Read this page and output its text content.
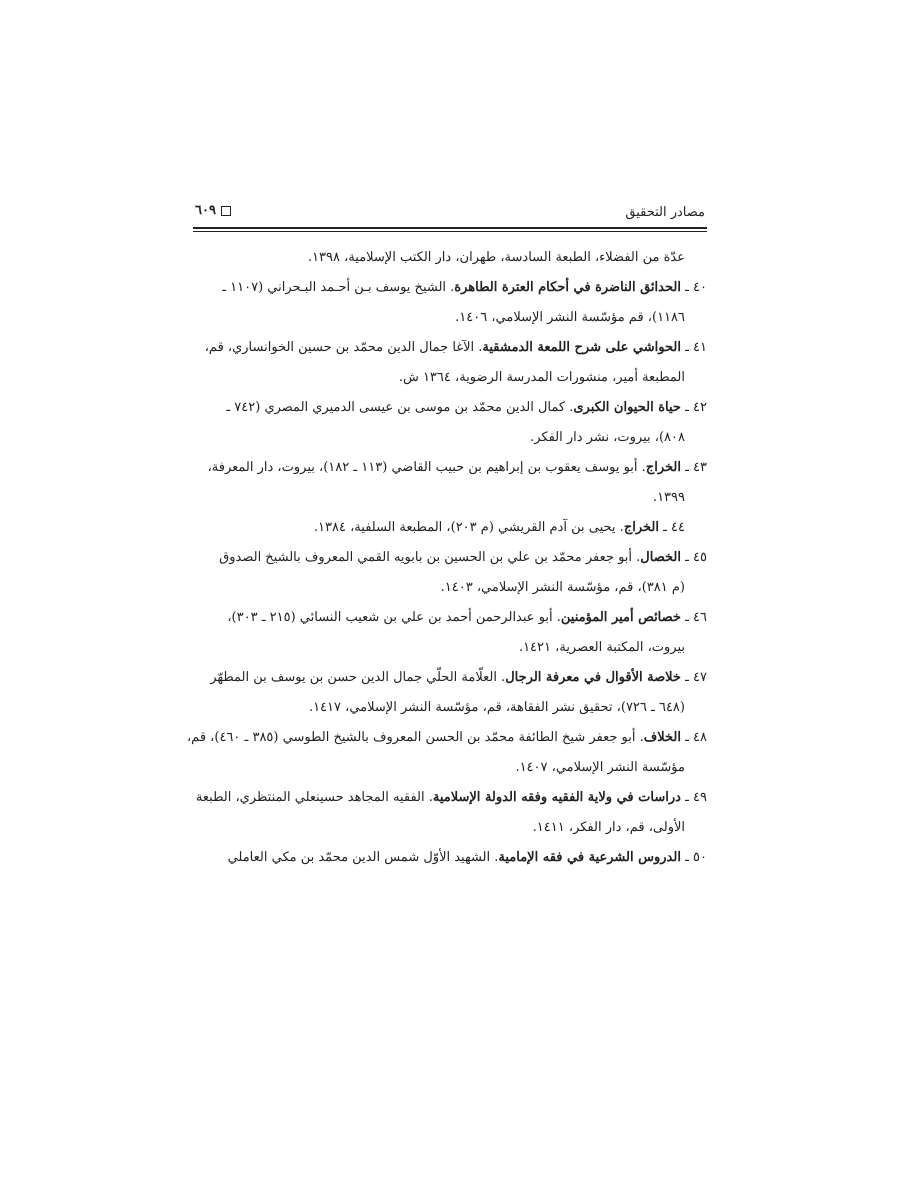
مصادر التحقيق
٦٠٩
عدّة من الفضلاء، الطبعة السادسة، طهران، دار الكتب الإسلامية، ١٣٩٨.
٤٠ ـ الحدائق الناضرة في أحكام العترة الطاهرة. الشيخ يوسف بـن أحـمد البـحراني (١١٠٧ ـ
١١٨٦)، قم مؤسّسة النشر الإسلامي، ١٤٠٦.
٤١ ـ الحواشي على شرح اللمعة الدمشقية. الآغا جمال الدين محمّد بن حسين الخوانساري، قم،
المطبعة أمير، منشورات المدرسة الرضوية، ١٣٦٤ ش.
٤٢ ـ حياة الحيوان الكبرى. كمال الدين محمّد بن موسى بن عيسى الدميري المصري (٧٤٢ ـ
٨٠٨)، بيروت، نشر دار الفكر.
٤٣ ـ الخراج. أبو يوسف يعقوب بن إبراهيم بن حبيب القاضي (١١٣ ـ ١٨٢)، بيروت، دار المعرفة،
١٣٩٩.
٤٤ ـ الخراج. يحيى بن آدم القريشي (م ٢٠٣)، المطبعة السلفية، ١٣٨٤.
٤٥ ـ الخصال. أبو جعفر محمّد بن علي بن الحسين بن بابويه القمي المعروف بالشيخ الصدوق
(م ٣٨١)، قم، مؤسّسة النشر الإسلامي، ١٤٠٣.
٤٦ ـ خصائص أمير المؤمنين. أبو عبدالرحمن أحمد بن علي بن شعيب النسائي (٢١٥ ـ ٣٠٣)،
بيروت، المكتبة العصرية، ١٤٢١.
٤٧ ـ خلاصة الأقوال في معرفة الرجال. العلّامة الحلّي جمال الدين حسن بن يوسف بن المطهّر
(٦٤٨ ـ ٧٢٦)، تحقيق نشر الفقاهة، قم، مؤسّسة النشر الإسلامي، ١٤١٧.
٤٨ ـ الخلاف. أبو جعفر شيخ الطائفة محمّد بن الحسن المعروف بالشيخ الطوسي (٣٨٥ ـ ٤٦٠)، قم،
مؤسّسة النشر الإسلامي، ١٤٠٧.
٤٩ ـ دراسات في ولاية الفقيه وفقه الدولة الإسلامية. الفقيه المجاهد حسينعلي المنتظري، الطبعة
الأولى، قم، دار الفكر، ١٤١١.
٥٠ ـ الدروس الشرعية في فقه الإمامية. الشهيد الأوّل شمس الدين محمّد بن مكي العاملي
